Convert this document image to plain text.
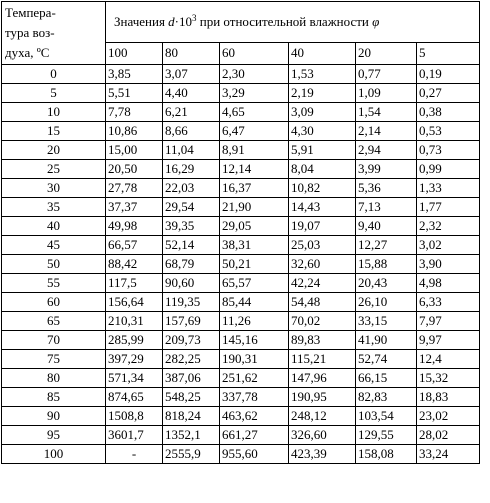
Темпера-
тура воз-
духа, ºС	Значения $d\cdot 10^3$ при относительной влажности φ					
	100	80	60	40	20	5
0	3,85	3,07	2,30	1,53	0,77	0,19
5	5,51	4,40	3,29	2,19	1,09	0,27
10	7,78	6,21	4,65	3,09	1,54	0,38
15	10,86	8,66	6,47	4,30	2,14	0,53
20	15,00	11,04	8,91	5,91	2,94	0,73
25	20,50	16,29	12,14	8,04	3,99	0,99
30	27,78	22,03	16,37	10,82	5,36	1,33
35	37,37	29,54	21,90	14,43	7,13	1,77
40	49,98	39,35	29,05	19,07	9,40	2,32
45	66,57	52,14	38,31	25,03	12,27	3,02
50	88,42	68,79	50,21	32,60	15,88	3,90
55	117,5	90,60	65,57	42,24	20,43	4,98
60	156,64	119,35	85,44	54,48	26,10	6,33
65	210,31	157,69	11,26	70,02	33,15	7,97
70	285,99	209,73	145,16	89,83	41,90	9,97
75	397,29	282,25	190,31	115,21	52,74	12,4
80	571,34	387,06	251,62	147,96	66,15	15,32
85	874,65	548,25	337,78	190,95	82,83	18,83
90	1508,8	818,24	463,62	248,12	103,54	23,02
95	3601,7	1352,1	661,27	326,60	129,55	28,02
100	-	2555,9	955,60	423,39	158,08	33,24
